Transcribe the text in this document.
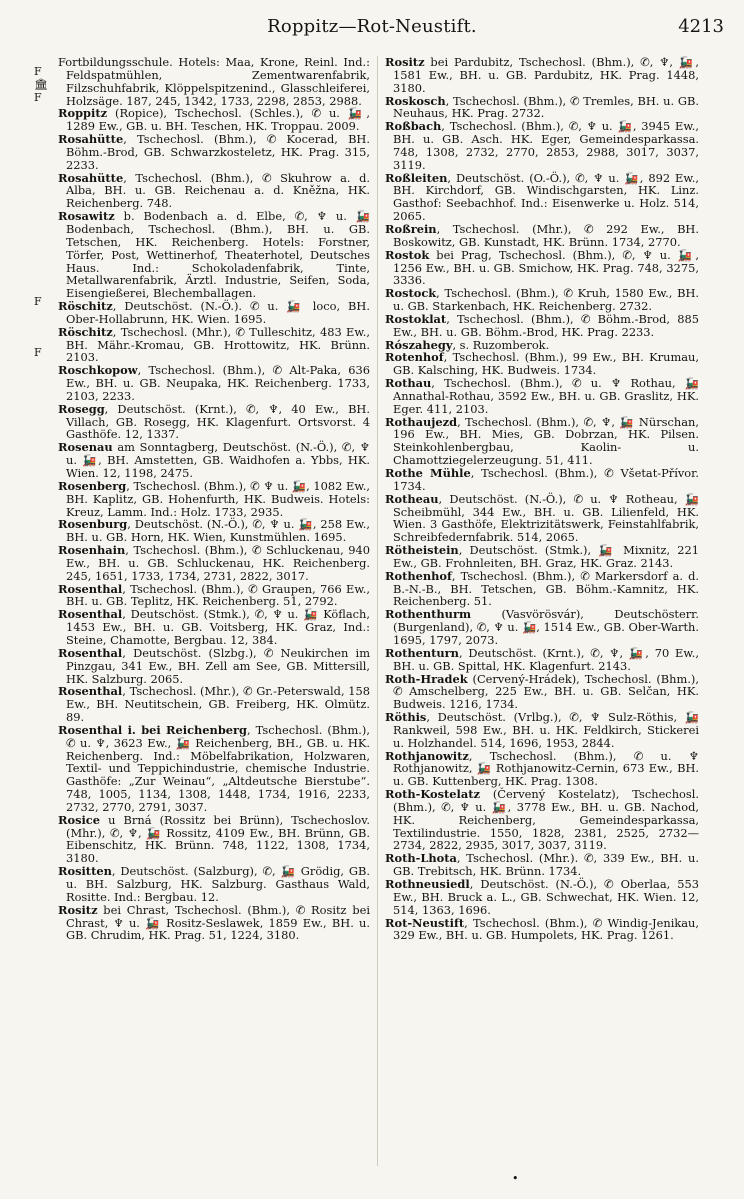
Roppitz—Rot-Neustift.	4213
F
🏛
F
F
F

Fortbildungsschule. Hotels: Maa, Krone, Reinl. Ind.: Feldspatmühlen, Zementwarenfabrik, Filzschuhfabrik, Klöppelspitzenind., Glasschleiferei, Holzsäge. 187, 245, 1342, 1733, 2298, 2853, 2988.

Roppitz (Ropice), Tschechosl. (Schles.), ✆ u. 🚂, 1289 Ew., GB. u. BH. Teschen, HK. Troppau. 2009.

Rosahütte, Tschechosl. (Bhm.), ✆ Kocerad, BH. Böhm.-Brod, GB. Schwarzkosteletz, HK. Prag. 315, 2233.

Rosahütte, Tschechosl. (Bhm.), ✆ Skuhrow a. d. Alba, BH. u. GB. Reichenau a. d. Kněžna, HK. Reichenberg. 748.

Rosawitz b. Bodenbach a. d. Elbe, ✆, ♆ u. 🚂 Bodenbach, Tschechosl. (Bhm.), BH. u. GB. Tetschen, HK. Reichenberg. Hotels: Forstner, Törfer, Post, Wettinerhof, Theaterhotel, Deutsches Haus. Ind.: Schokoladenfabrik, Tinte, Metallwarenfabrik, Ärztl. Industrie, Seifen, Soda, Eisengießerei, Blechemballagen.

Röschitz, Deutschöst. (N.-Ö.). ✆ u. 🚂 loco, BH. Ober-Hollabrunn, HK. Wien. 1695.

Röschitz, Tschechosl. (Mhr.), ✆ Tulleschitz, 483 Ew., BH. Mähr.-Kromau, GB. Hrottowitz, HK. Brünn. 2103.

Roschkopow, Tschechosl. (Bhm.), ✆ Alt-Paka, 636 Ew., BH. u. GB. Neupaka, HK. Reichenberg. 1733, 2103, 2233.

Rosegg, Deutschöst. (Krnt.), ✆, ♆, 40 Ew., BH. Villach, GB. Rosegg, HK. Klagenfurt. Ortsvorst. 4 Gasthöfe. 12, 1337.

Rosenau am Sonntagberg, Deutschöst. (N.-Ö.), ✆, ♆ u. 🚂, BH. Amstetten, GB. Waidhofen a. Ybbs, HK. Wien. 12, 1198, 2475.

Rosenberg, Tschechosl. (Bhm.), ✆ ♆ u. 🚂, 1082 Ew., BH. Kaplitz, GB. Hohenfurth, HK. Budweis. Hotels: Kreuz, Lamm. Ind.: Holz. 1733, 2935.

Rosenburg, Deutschöst. (N.-Ö.), ✆, ♆ u. 🚂, 258 Ew., BH. u. GB. Horn, HK. Wien, Kunstmühlen. 1695.

Rosenhain, Tschechosl. (Bhm.), ✆ Schluckenau, 940 Ew., BH. u. GB. Schluckenau, HK. Reichenberg. 245, 1651, 1733, 1734, 2731, 2822, 3017.

Rosenthal, Tschechosl. (Bhm.), ✆ Graupen, 766 Ew., BH. u. GB. Teplitz, HK. Reichenberg. 51, 2792.

Rosenthal, Deutschöst. (Stmk.), ✆, ♆ u. 🚂 Köflach, 1453 Ew., BH. u. GB. Voitsberg, HK. Graz, Ind.: Steine, Chamotte, Bergbau. 12, 384.

Rosenthal, Deutschöst. (Slzbg.), ✆ Neukirchen im Pinzgau, 341 Ew., BH. Zell am See, GB. Mittersill, HK. Salzburg. 2065.

Rosenthal, Tschechosl. (Mhr.), ✆ Gr.-Peterswald, 158 Ew., BH. Neutitschein, GB. Freiberg, HK. Olmütz. 89.

Rosenthal i. bei Reichenberg, Tschechosl. (Bhm.), ✆ u. ♆, 3623 Ew., 🚂 Reichenberg, BH., GB. u. HK. Reichenberg. Ind.: Möbelfabrikation, Holzwaren, Textil- und Teppichindustrie, chemische Industrie. Gasthöfe: „Zur Weinau“, „Altdeutsche Bierstube“. 748, 1005, 1134, 1308, 1448, 1734, 1916, 2233, 2732, 2770, 2791, 3037.

Rosice u Brná (Rossitz bei Brünn), Tschechoslov. (Mhr.), ✆, ♆, 🚂 Rossitz, 4109 Ew., BH. Brünn, GB. Eibenschitz, HK. Brünn. 748, 1122, 1308, 1734, 3180.

Rositten, Deutschöst. (Salzburg), ✆, 🚂 Grödig, GB. u. BH. Salzburg, HK. Salzburg. Gasthaus Wald, Rositte. Ind.: Bergbau. 12.

Rositz bei Chrast, Tschechosl. (Bhm.), ✆ Rositz bei Chrast, ♆ u. 🚂 Rositz-Seslawek, 1859 Ew., BH. u. GB. Chrudim, HK. Prag. 51, 1224, 3180.

Rositz bei Pardubitz, Tschechosl. (Bhm.), ✆, ♆, 🚂, 1581 Ew., BH. u. GB. Pardubitz, HK. Prag. 1448, 3180.

Roskosch, Tschechosl. (Bhm.), ✆ Tremles, BH. u. GB. Neuhaus, HK. Prag. 2732.

Roßbach, Tschechosl. (Bhm.), ✆, ♆ u. 🚂, 3945 Ew., BH. u. GB. Asch. HK. Eger, Gemeindesparkassa. 748, 1308, 2732, 2770, 2853, 2988, 3017, 3037, 3119.

Roßleiten, Deutschöst. (O.-Ö.), ✆, ♆ u. 🚂, 892 Ew., BH. Kirchdorf, GB. Windischgarsten, HK. Linz. Gasthof: Seebachhof. Ind.: Eisenwerke u. Holz. 514, 2065.

Roßrein, Tschechosl. (Mhr.), ✆ 292 Ew., BH. Boskowitz, GB. Kunstadt, HK. Brünn. 1734, 2770.

Rostok bei Prag, Tschechosl. (Bhm.), ✆, ♆ u. 🚂, 1256 Ew., BH. u. GB. Smichow, HK. Prag. 748, 3275, 3336.

Rostock, Tschechosl. (Bhm.), ✆ Kruh, 1580 Ew., BH. u. GB. Starkenbach, HK. Reichenberg. 2732.

Rostoklat, Tschechosl. (Bhm.), ✆ Böhm.-Brod, 885 Ew., BH. u. GB. Böhm.-Brod, HK. Prag. 2233.

Rószahegy, s. Ruzomberok.

Rotenhof, Tschechosl. (Bhm.), 99 Ew., BH. Krumau, GB. Kalsching, HK. Budweis. 1734.

Rothau, Tschechosl. (Bhm.), ✆ u. ♆ Rothau, 🚂 Annathal-Rothau, 3592 Ew., BH. u. GB. Graslitz, HK. Eger. 411, 2103.

Rothaujezd, Tschechosl. (Bhm.), ✆, ♆, 🚂 Nürschan, 196 Ew., BH. Mies, GB. Dobrzan, HK. Pilsen. Steinkohlenbergbau, Kaolin- u. Chamottziegelerzeugung. 51, 411.

Rothe Mühle, Tschechosl. (Bhm.), ✆ Všetat-Přívor. 1734.

Rotheau, Deutschöst. (N.-Ö.), ✆ u. ♆ Rotheau, 🚂 Scheibmühl, 344 Ew., BH. u. GB. Lilienfeld, HK. Wien. 3 Gasthöfe, Elektrizitätswerk, Feinstahlfabrik, Schreibfedernfabrik. 514, 2065.

Rötheistein, Deutschöst. (Stmk.), 🚂 Mixnitz, 221 Ew., GB. Frohnleiten, BH. Graz, HK. Graz. 2143.

Rothenhof, Tschechosl. (Bhm.), ✆ Markersdorf a. d. B.-N.-B., BH. Tetschen, GB. Böhm.-Kamnitz, HK. Reichenberg. 51.

Rothenthurm (Vasvörösvár), Deutschösterr. (Burgenland), ✆, ♆ u. 🚂, 1514 Ew., GB. Ober-Warth. 1695, 1797, 2073.

Rothenturn, Deutschöst. (Krnt.), ✆, ♆, 🚂, 70 Ew., BH. u. GB. Spittal, HK. Klagenfurt. 2143.

Roth-Hradek (Cervený-Hrádek), Tschechosl. (Bhm.), ✆ Amschelberg, 225 Ew., BH. u. GB. Selčan, HK. Budweis. 1216, 1734.

Röthis, Deutschöst. (Vrlbg.), ✆, ♆ Sulz-Röthis, 🚂 Rankweil, 598 Ew., BH. u. HK. Feldkirch, Stickerei u. Holzhandel. 514, 1696, 1953, 2844.

Rothjanowitz, Tschechosl. (Bhm.), ✆ u. ♆ Rothjanowitz, 🚂 Rothjanowitz-Cernin, 673 Ew., BH. u. GB. Kuttenberg, HK. Prag. 1308.

Roth-Kostelatz (Červený Kostelatz), Tschechosl. (Bhm.), ✆, ♆ u. 🚂, 3778 Ew., BH. u. GB. Nachod, HK. Reichenberg, Gemeindesparkassa, Textilindustrie. 1550, 1828, 2381, 2525, 2732—2734, 2822, 2935, 3017, 3037, 3119.

Roth-Lhota, Tschechosl. (Mhr.). ✆, 339 Ew., BH. u. GB. Trebitsch, HK. Brünn. 1734.

Rothneusiedl, Deutschöst. (N.-Ö.), ✆ Oberlaa, 553 Ew., BH. Bruck a. L., GB. Schwechat, HK. Wien. 12, 514, 1363, 1696.

Rot-Neustift, Tschechosl. (Bhm.), ✆ Windig-Jenikau, 329 Ew., BH. u. GB. Humpolets, HK. Prag. 1261.

•
